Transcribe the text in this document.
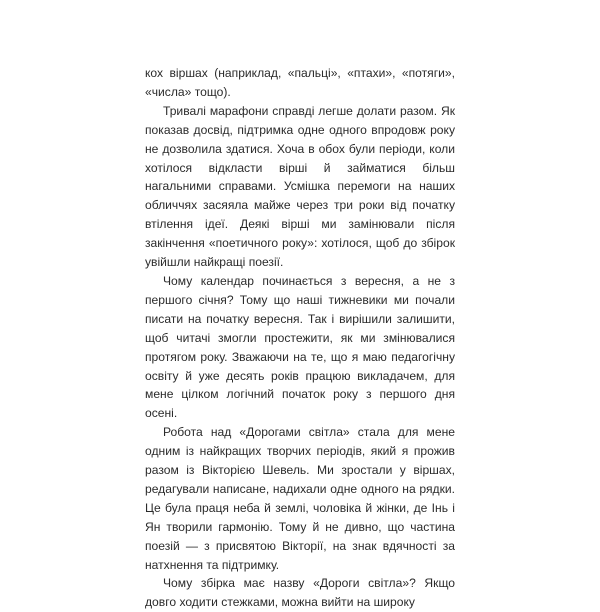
кох віршах (наприклад, «пальці», «птахи», «потяги», «числа» тощо).

Тривалі марафони справді легше долати разом. Як показав досвід, підтримка одне одного впродовж року не дозволила здатися. Хоча в обох були періоди, коли хотілося відкласти вірші й займатися більш нагальними справами. Усмішка перемоги на наших обличчях засяяла майже через три роки від початку втілення ідеї. Деякі вірші ми замінювали після закінчення «поетичного року»: хотілося, щоб до збірок увійшли найкращі поезії.

Чому календар починається з вересня, а не з першого січня? Тому що наші тижневики ми почали писати на початку вересня. Так і вирішили залишити, щоб читачі змогли простежити, як ми змінювалися протягом року. Зважаючи на те, що я маю педагогічну освіту й уже десять років працюю викладачем, для мене цілком логічний початок року з першого дня осені.

Робота над «Дорогами світла» стала для мене одним із найкращих творчих періодів, який я прожив разом із Вікторією Шевель. Ми зростали у віршах, редагували написане, надихали одне одного на рядки. Це була праця неба й землі, чоловіка й жінки, де Інь і Ян творили гармонію. Тому й не дивно, що частина поезій — з присвятою Вікторії, на знак вдячності за натхнення та підтримку.

Чому збірка має назву «Дороги світла»? Якщо довго ходити стежками, можна вийти на широку
